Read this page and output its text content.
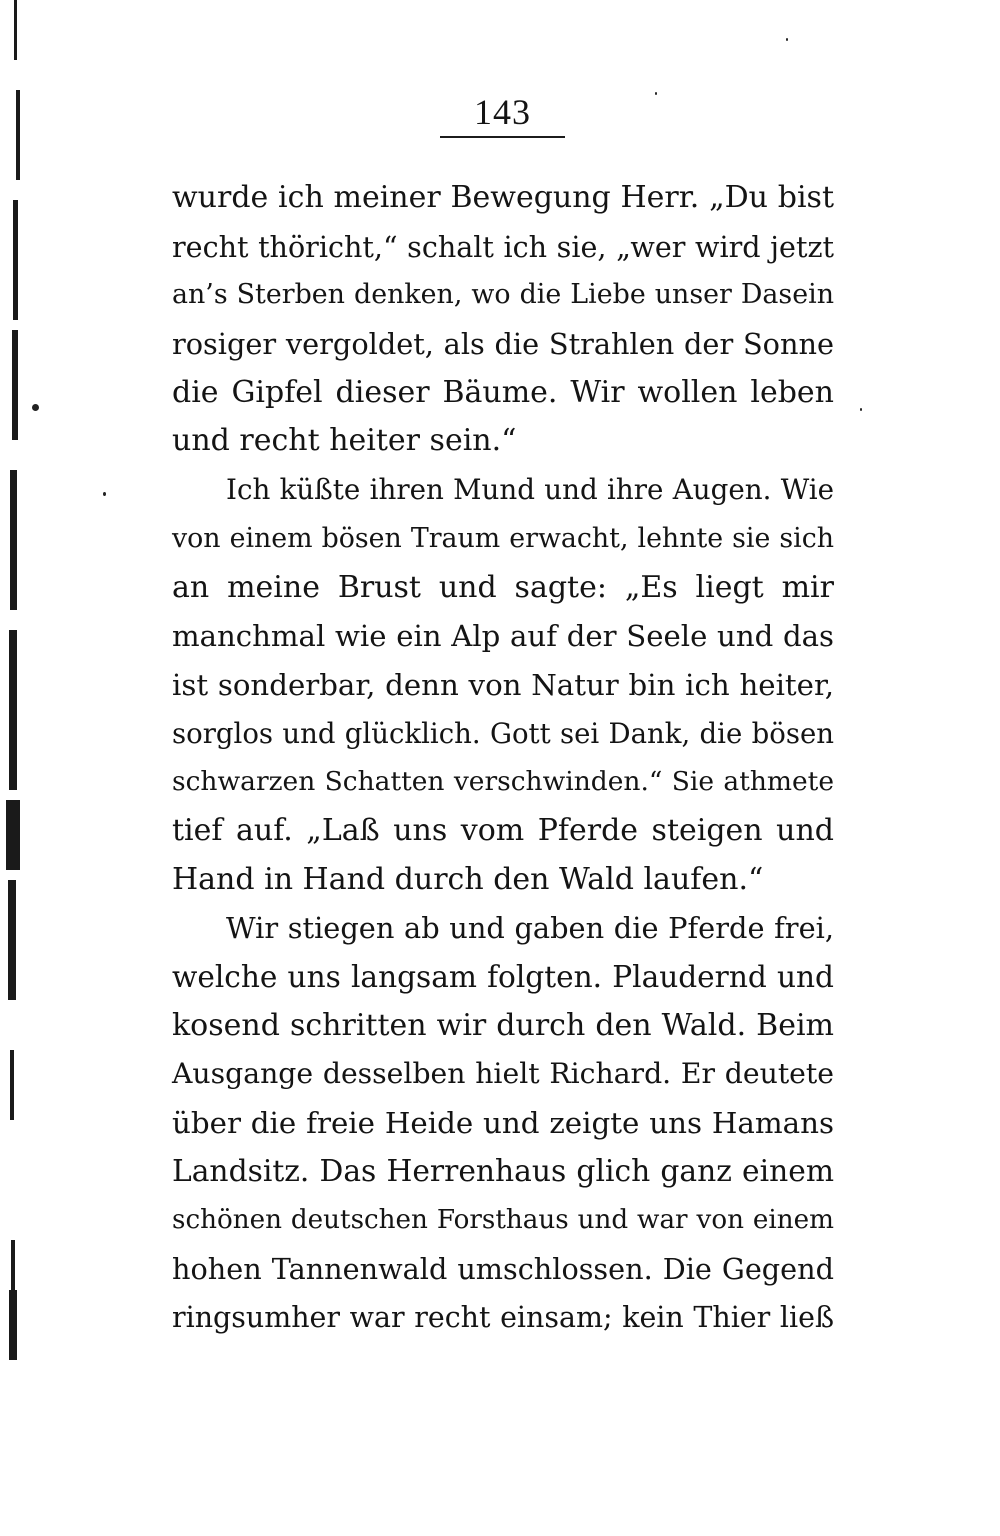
143
wurde ich meiner Bewegung Herr. „Du bist
recht thöricht,“ schalt ich sie, „wer wird jetzt
an’s Sterben denken, wo die Liebe unser Dasein
rosiger vergoldet, als die Strahlen der Sonne
die Gipfel dieser Bäume. Wir wollen leben
und recht heiter sein.“
Ich küßte ihren Mund und ihre Augen. Wie
von einem bösen Traum erwacht, lehnte sie sich
an meine Brust und sagte: „Es liegt mir
manchmal wie ein Alp auf der Seele und das
ist sonderbar, denn von Natur bin ich heiter,
sorglos und glücklich. Gott sei Dank, die bösen
schwarzen Schatten verschwinden.“ Sie athmete
tief auf. „Laß uns vom Pferde steigen und
Hand in Hand durch den Wald laufen.“
Wir stiegen ab und gaben die Pferde frei,
welche uns langsam folgten. Plaudernd und
kosend schritten wir durch den Wald. Beim
Ausgange desselben hielt Richard. Er deutete
über die freie Heide und zeigte uns Hamans
Landsitz. Das Herrenhaus glich ganz einem
schönen deutschen Forsthaus und war von einem
hohen Tannenwald umschlossen. Die Gegend
ringsumher war recht einsam; kein Thier ließ
